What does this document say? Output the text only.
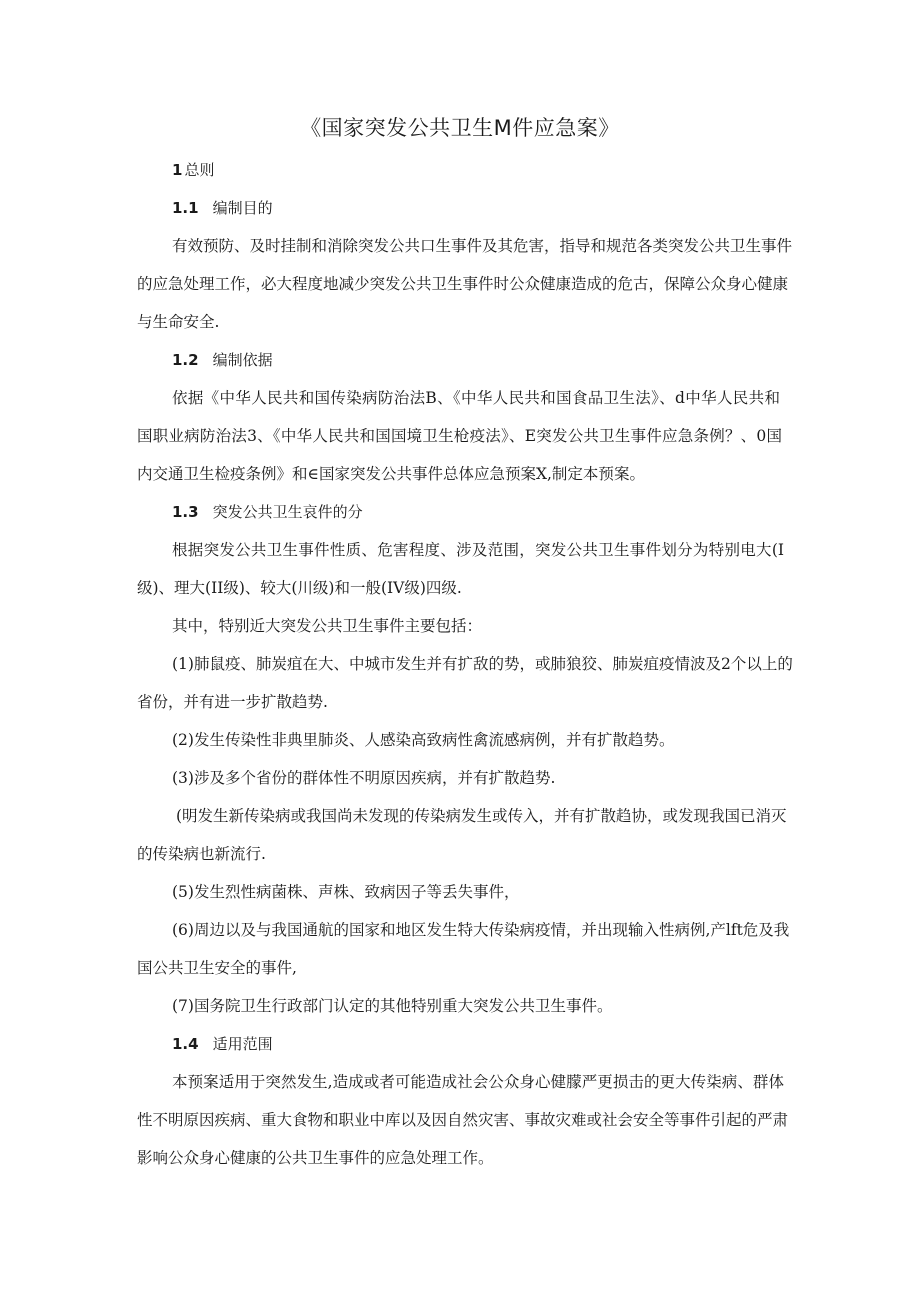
《国家突发公共卫生M件应急案》

1 总则

1.1 编制目的

有效预防、及时挂制和消除突发公共口生事件及其危害，指导和规范各类突发公共卫生事件

的应急处理工作，必大程度地减少突发公共卫生事件时公众健康造成的危古，保障公众身心健康

与生命安全.

1.2 编制依据

依据《中华人民共和国传染病防治法B、《中华人民共和国食品卫生法》、d中华人民共和

国职业病防治法3、《中华人民共和国国境卫生枪疫法》、E突发公共卫生事件应急条例？、0国

内交通卫生检疫条例》和∈国家突发公共事件总体应急预案X,制定本预案。

1.3 突发公共卫生哀件的分

根据突发公共卫生事件性质、危害程度、涉及范围，突发公共卫生事件划分为特别电大(I

级)、理大(II级)、较大(川级)和一般(IV级)四级.

其中，特别近大突发公共卫生事件主要包括：

(1)肺鼠疫、肺炭疽在大、中城市发生并有扩敌的势，或肺狼狡、肺炭疽疫情波及2个以上的

省份，并有进一步扩散趋势.

(2)发生传染性非典里肺炎、人感染高致病性禽流感病例，并有扩散趋势。

(3)涉及多个省份的群体性不明原因疾病，并有扩散趋势.

(明发生新传染病或我国尚未发现的传染病发生或传入，并有扩散趋协，或发现我国已消灭

的传染病也新流行.

(5)发生烈性病菌株、声株、致病因子等丢失事件，

(6)周边以及与我国通航的国家和地区发生特大传染病疫情，并出现输入性病例,产lft危及我

国公共卫生安全的事件,

(7)国务院卫生行政部门认定的其他特别重大突发公共卫生事件。

1.4 适用范围

本预案适用于突然发生,造成或者可能造成社会公众身心健朦严更损击的更大传柒病、群体

性不明原因疾病、重大食物和职业中库以及因自然灾害、事故灾难或社会安全等事件引起的严肃

影响公众身心健康的公共卫生事件的应急处理工作。
